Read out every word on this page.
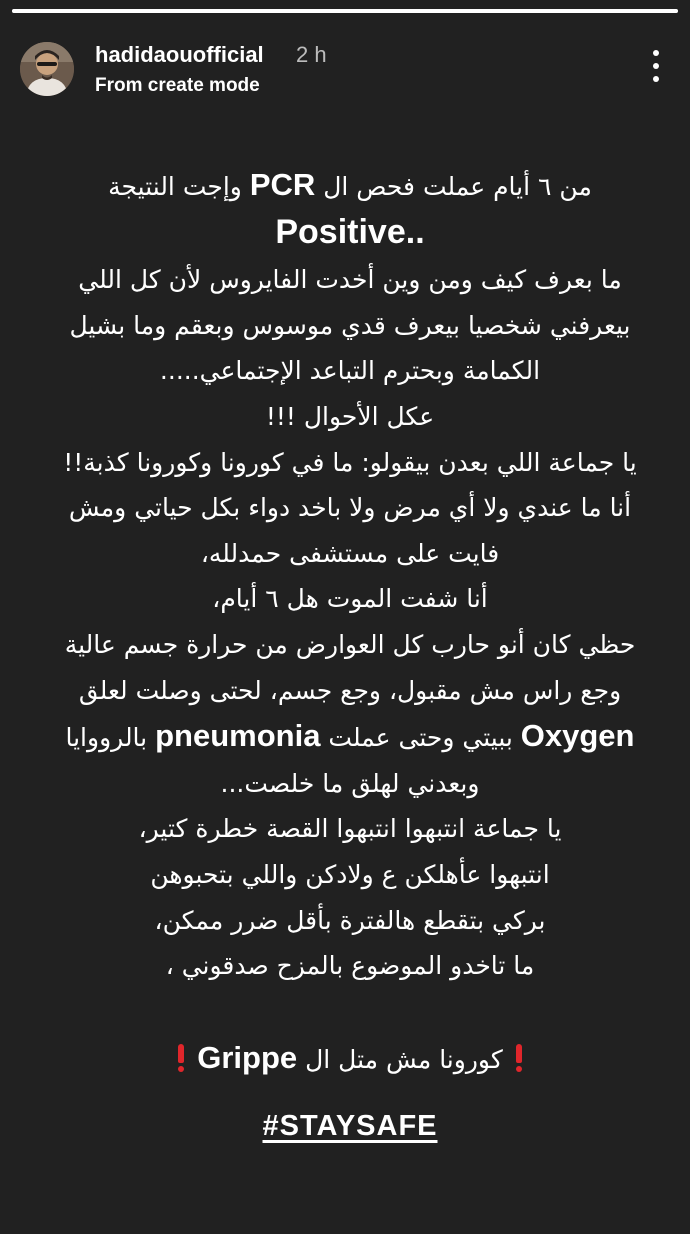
hadidaouofficial 2 h
From create mode
من ٦ أيام عملت فحص ال PCR وإجت النتيجة
Positive..
ما بعرف كيف ومن وين أخدت الفايروس لأن كل اللي
بيعرفني شخصيا بيعرف قدي موسوس وبعقم وما بشيل
الكمامة وبحترم التباعد الإجتماعي.....
عكل الأحوال !!!
يا جماعة اللي بعدن بيقولو: ما في كورونا وكورونا كذبة!!
أنا ما عندي ولا أي مرض ولا باخد دواء بكل حياتي ومش
فايت على مستشفى حمدلله،
أنا شفت الموت هل ٦ أيام،
حظي كان أنو حارب كل العوارض من حرارة جسم عالية
وجع راس مش مقبول، وجع جسم، لحتى وصلت لعلق
Oxygen ببيتي وحتى عملت pneumonia بالرووايا
وبعدني لهلق ما خلصت...
يا جماعة انتبهوا انتبهوا القصة خطرة كتير،
انتبهوا عأهلكن ع ولادكن واللي بتحبوهن
بركي بتقطع هالفترة بأقل ضرر ممكن،
ما تاخدو الموضوع بالمزح صدقوني ،
كورونا مش متل ال Grippe
#STAYSAFE
